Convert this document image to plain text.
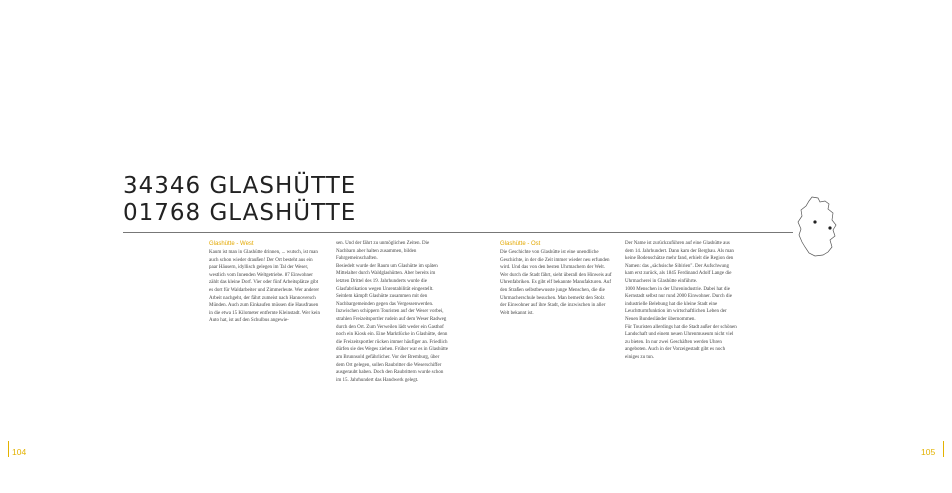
34346 GLASHÜTTE
01768 GLASHÜTTE

Glashütte - West

Kaum ist man in Glashütte drinnen, ... wutsch, ist man auch schon wieder draußen! Der Ort besteht aus ein paar Häusern, idyllisch gelegen im Tal der Weser, westlich vom Innenden Weltgetriebe. 87 Einwohner zählt das kleine Dorf. Vier oder fünf Arbeitsplätze gibt es dort für Waldarbeiter und Zimmerleute. Wer anderer Arbeit nachgeht, der fährt zumeist nach Hannoversch Münden. Auch zum Einkaufen müssen die Hausfrauen in die etwa 15 Kilometer entfernte Kleinstadt. Wer kein Auto hat, ist auf den Schulbus angewie-

sen. Und der fährt zu unmöglichen Zeiten. Die Nachbarn aber halten zusammen, bilden Fahrgemeinschaften.

Besiedelt wurde der Raum um Glashütte im späten Mittelalter durch Waldglashütten. Aber bereits im letzten Drittel des 19. Jahrhunderts wurde die Glasfabrikation wegen Unrentabilität eingestellt. Seitdem kämpft Glashütte zusammen mit den Nachbargemeinden gegen das Vergessenwerden.

Inzwischen schippern Touristen auf der Weser vorbei, strahlen Freizeitsportler rudein auf dem Weser Radweg durch den Ort. Zum Verweilen lädt weder ein Gasthof noch ein Kiosk ein. Eine Marktlücke in Glashütte, denn die Freizeitsportler rücken immer häufiger an. Friedlich dürfen sie des Weges ziehen. Früher war es in Glashütte am Brunnsold gefährlicher. Vor der Bremburg, über dem Ort gelegen, sollen Raubritter die Weserschiffer ausgeraubt haben. Doch den Raubrittern wurde schon im 15. Jahrhundert das Handwerk gelegt.

Glashütte - Ost

Die Geschichte von Glashütte ist eine unendliche Geschichte, in der die Zeit immer wieder neu erfunden wird. Und das von den besten Uhrmachern der Welt.

Wer durch die Stadt fährt, sieht überall den Hinweis auf Uhrenfabriken. Es gibt elf bekannte Manufakturen. Auf den Straßen selbstbewusste junge Menschen, die die Uhrmacherschule besuchen. Man bemerkt den Stolz der Einwohner auf ihre Stadt, die inzwischen in aller Welt bekannt ist.

Der Name ist zurückzuführen auf eine Glashütte aus dem 14. Jahrhundert. Dann kam der Bergbau. Als man keine Bodenschätze mehr fand, erhielt die Region den Namen: das „sächsische Sibirien". Der Aufschwung kam erst zurück, als 1845 Ferdinand Adolf Lange die Uhrmacherei in Glashütte einführte.

1000 Menschen in der Uhrenindustrie. Dabei hat die Kernstadt selbst nur rund 2000 Einwohner. Durch die industrielle Belebung hat die kleine Stadt eine Leuchtturmfunktion im wirtschaftlichen Leben der Neuen Bundesländer übernommen.

Für Touristen allerdings hat die Stadt außer der schönen Landschaft und einem neuen Uhrenmuseum nicht viel zu bieten. In nur zwei Geschäften werden Uhren angeboten. Auch in der Vorzeigestadt gibt es noch einiges zu tun.

104	105
